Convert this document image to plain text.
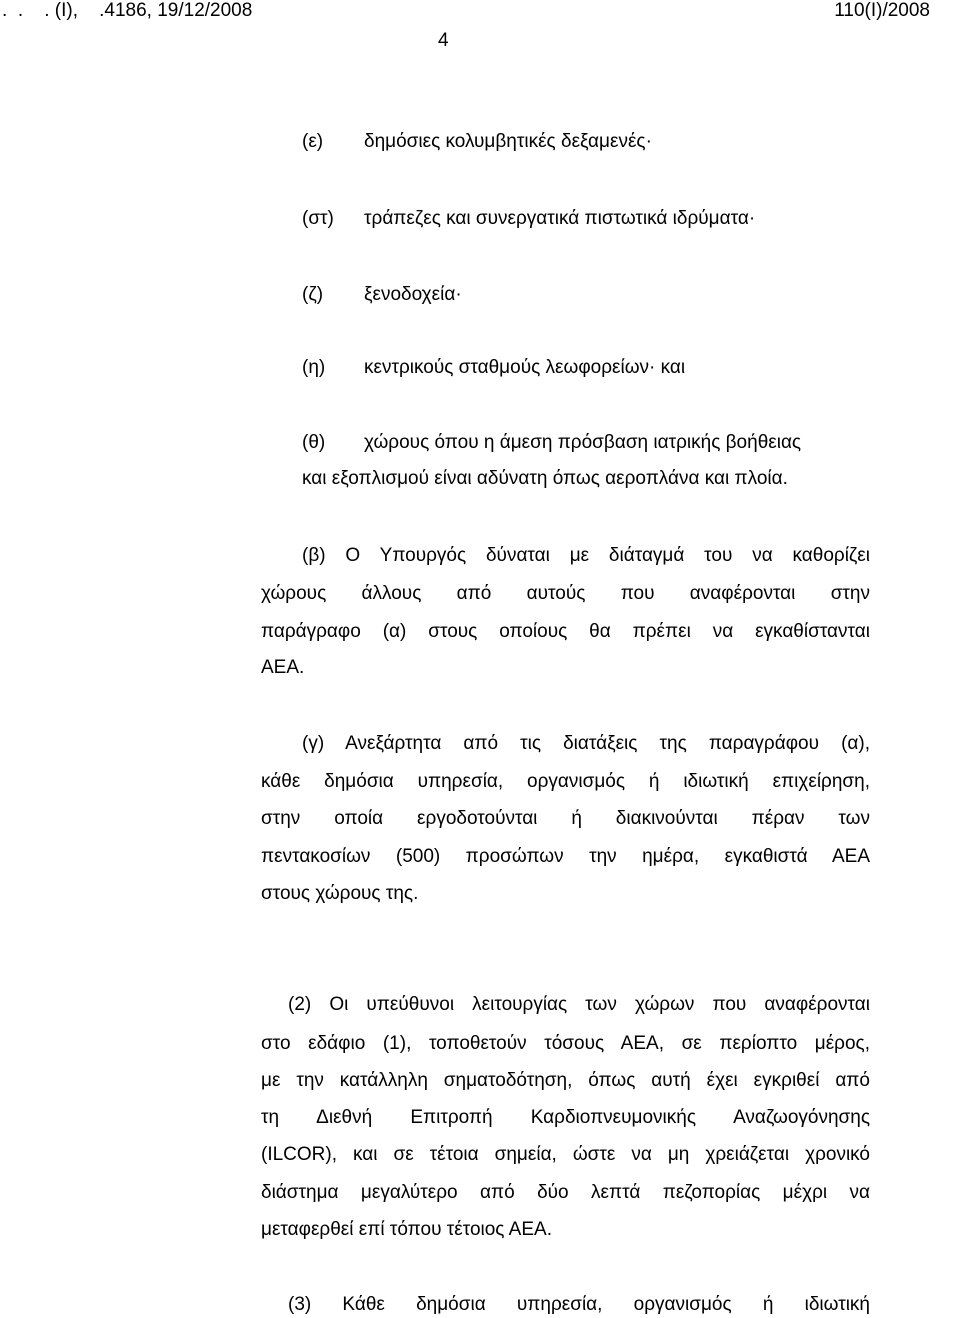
.  .    . (Ι),    .4186, 19/12/2008	110(Ι)/2008
4
(ε) δημόσιες κολυμβητικές δεξαμενές·
(στ) τράπεζες και συνεργατικά πιστωτικά ιδρύματα·
(ζ) ξενοδοχεία·
(η) κεντρικούς σταθμούς λεωφορείων· και
(θ) χώρους όπου η άμεση πρόσβαση ιατρικής βοήθειας
και εξοπλισμού είναι αδύνατη όπως αεροπλάνα και πλοία.
(β) Ο Υπουργός δύναται με διάταγμά του να καθορίζει
χώρους άλλους από αυτούς που αναφέρονται στην
παράγραφο (α) στους οποίους θα πρέπει να εγκαθίστανται
ΑΕΑ.
(γ) Ανεξάρτητα από τις διατάξεις της παραγράφου (α),
κάθε δημόσια υπηρεσία, οργανισμός ή ιδιωτική επιχείρηση,
στην οποία εργοδοτούνται ή διακινούνται πέραν των
πεντακοσίων (500) προσώπων την ημέρα, εγκαθιστά ΑΕΑ
στους χώρους της.
(2) Οι υπεύθυνοι λειτουργίας των χώρων που αναφέρονται
στο εδάφιο (1), τοποθετούν τόσους ΑΕΑ, σε περίοπτο μέρος,
με την κατάλληλη σηματοδότηση, όπως αυτή έχει εγκριθεί από
τη Διεθνή Επιτροπή Καρδιοπνευμονικής Αναζωογόνησης
(ILCOR), και σε τέτοια σημεία, ώστε να μη χρειάζεται χρονικό
διάστημα μεγαλύτερο από δύο λεπτά πεζοπορίας μέχρι να
μεταφερθεί επί τόπου τέτοιος ΑΕΑ.
(3) Κάθε δημόσια υπηρεσία, οργανισμός ή ιδιωτική
